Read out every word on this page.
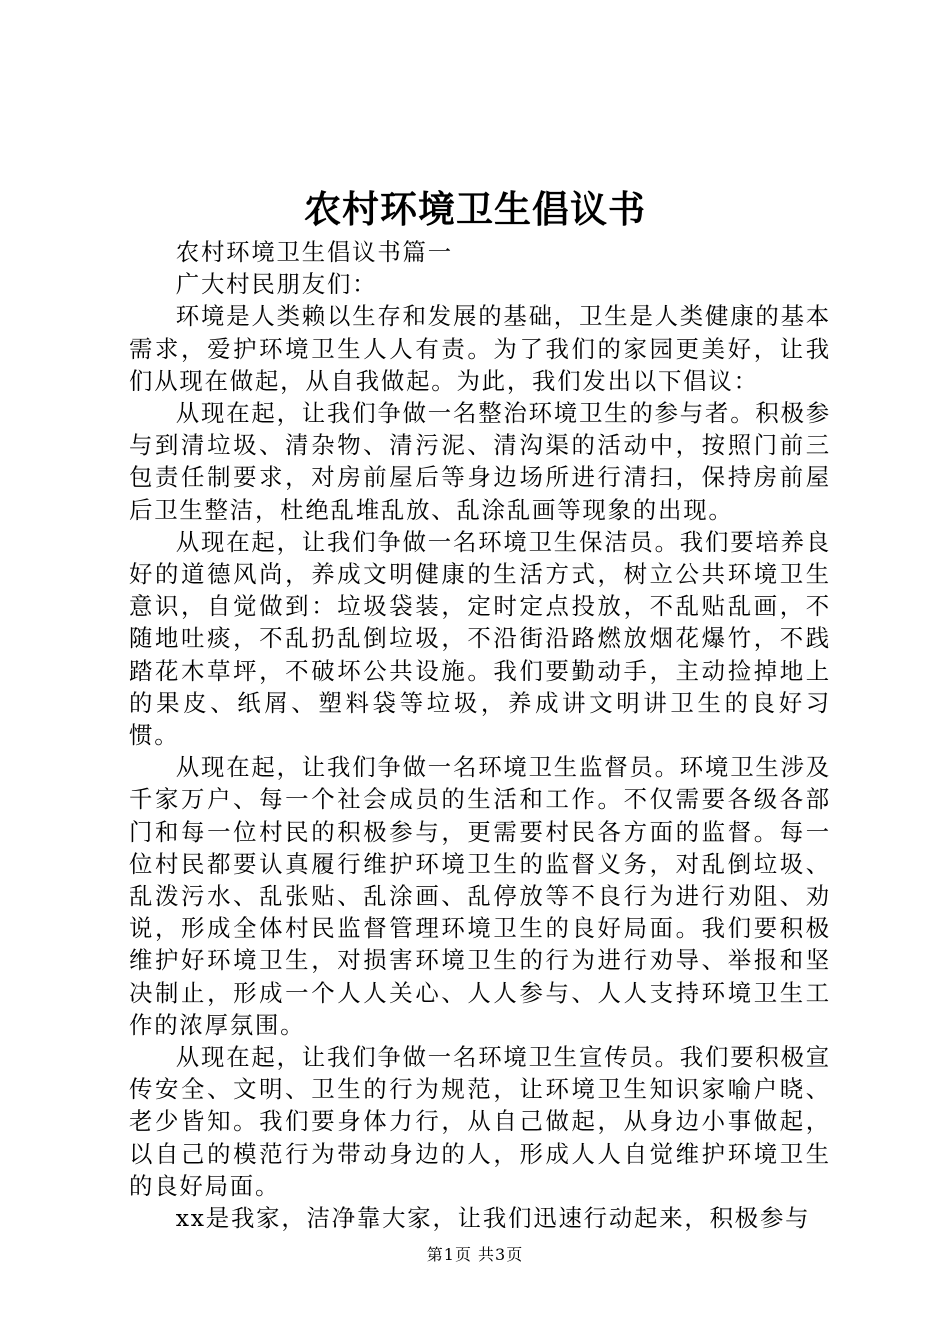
农村环境卫生倡议书

农村环境卫生倡议书篇一

广大村民朋友们：

环境是人类赖以生存和发展的基础，卫生是人类健康的基本需求，爱护环境卫生人人有责。为了我们的家园更美好，让我们从现在做起，从自我做起。为此，我们发出以下倡议：

从现在起，让我们争做一名整治环境卫生的参与者。积极参与到清垃圾、清杂物、清污泥、清沟渠的活动中，按照门前三包责任制要求，对房前屋后等身边场所进行清扫，保持房前屋后卫生整洁，杜绝乱堆乱放、乱涂乱画等现象的出现。

从现在起，让我们争做一名环境卫生保洁员。我们要培养良好的道德风尚，养成文明健康的生活方式，树立公共环境卫生意识，自觉做到：垃圾袋装，定时定点投放，不乱贴乱画，不随地吐痰，不乱扔乱倒垃圾，不沿街沿路燃放烟花爆竹，不践踏花木草坪，不破坏公共设施。我们要勤动手，主动捡掉地上的果皮、纸屑、塑料袋等垃圾，养成讲文明讲卫生的良好习惯。

从现在起，让我们争做一名环境卫生监督员。环境卫生涉及千家万户、每一个社会成员的生活和工作。不仅需要各级各部门和每一位村民的积极参与，更需要村民各方面的监督。每一位村民都要认真履行维护环境卫生的监督义务，对乱倒垃圾、乱泼污水、乱张贴、乱涂画、乱停放等不良行为进行劝阻、劝说，形成全体村民监督管理环境卫生的良好局面。我们要积极维护好环境卫生，对损害环境卫生的行为进行劝导、举报和坚决制止，形成一个人人关心、人人参与、人人支持环境卫生工作的浓厚氛围。

从现在起，让我们争做一名环境卫生宣传员。我们要积极宣传安全、文明、卫生的行为规范，让环境卫生知识家喻户晓、老少皆知。我们要身体力行，从自己做起，从身边小事做起，以自己的模范行为带动身边的人，形成人人自觉维护环境卫生的良好局面。

xx是我家，洁净靠大家，让我们迅速行动起来，积极参与

第1页 共3页
